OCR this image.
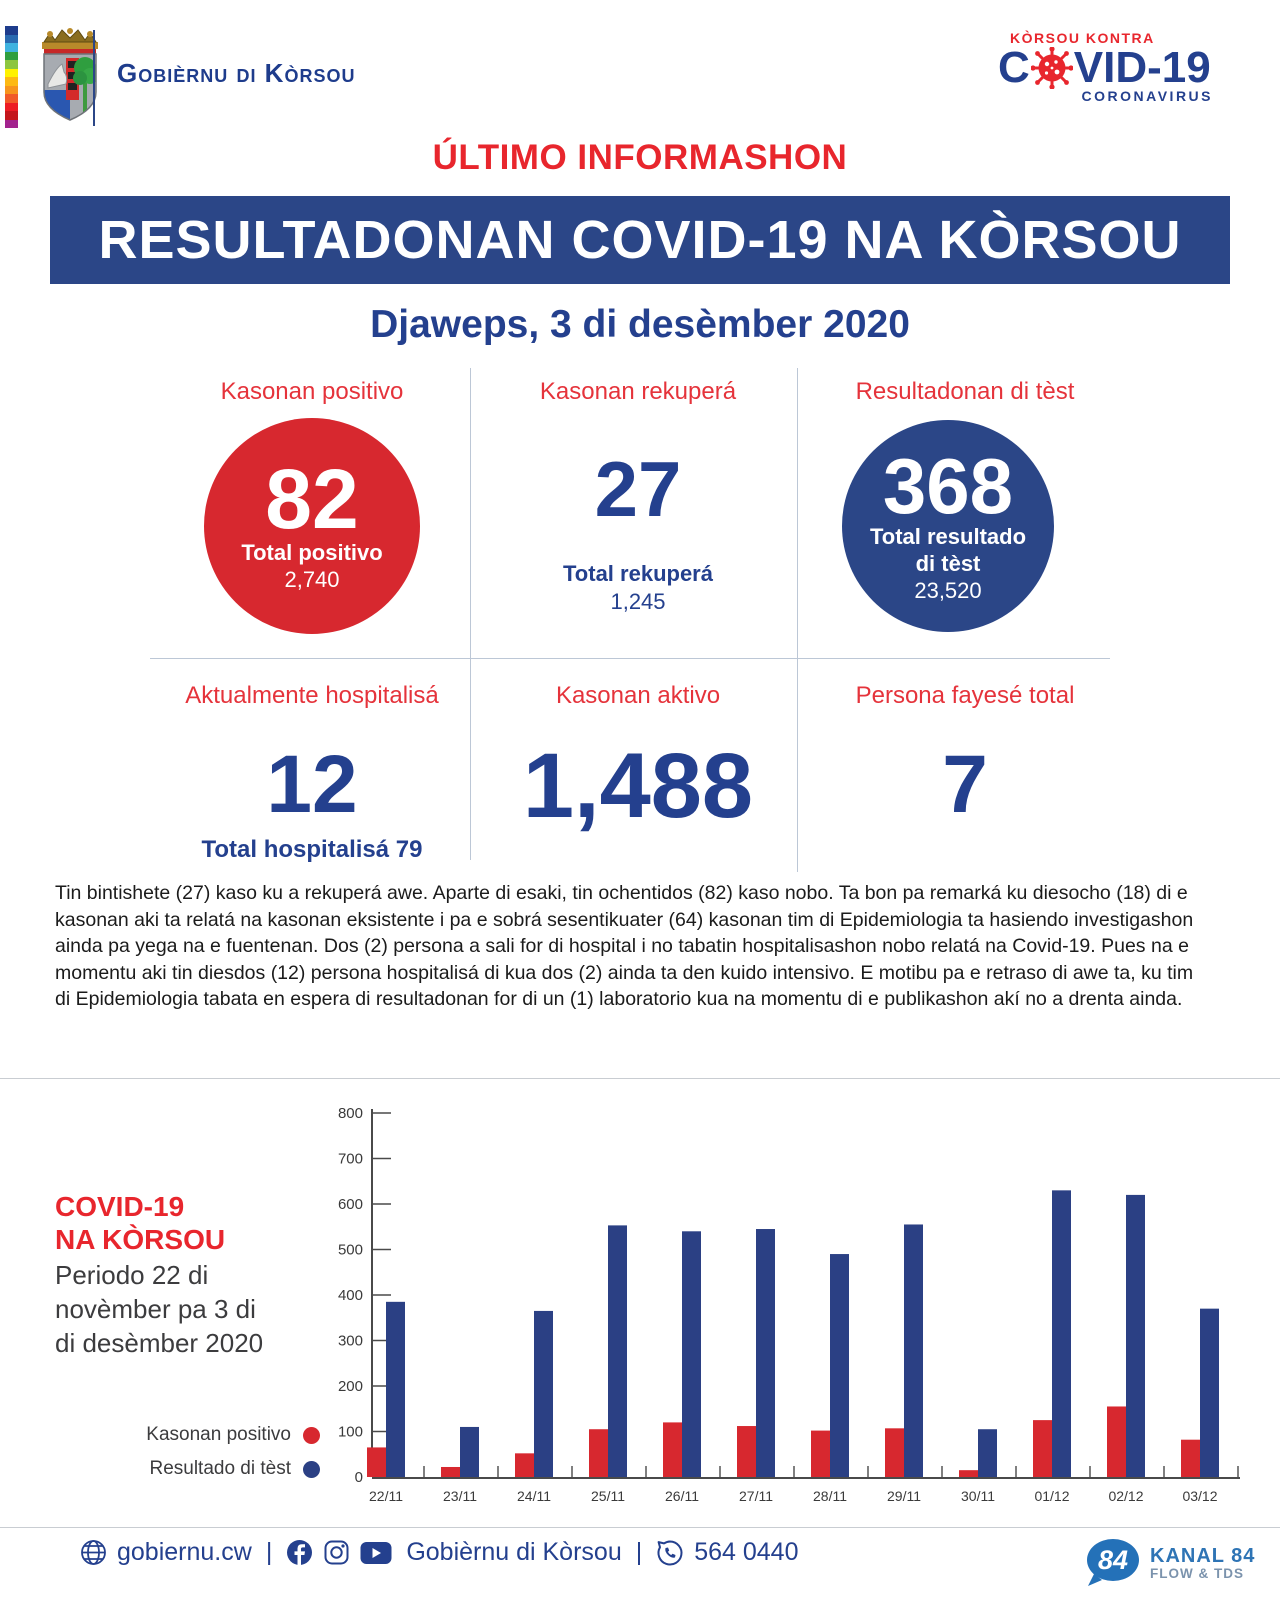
Gobièrnu di Kòrsou
KÒRSOU KONTRA
C VID-19
CORONAVIRUS
ÚLTIMO INFORMASHON
RESULTADONAN COVID-19 NA KÒRSOU
Djaweps, 3 di desèmber 2020
Kasonan positivo	Kasonan rekuperá	Resultadonan di tèst
82
Total positivo
2,740
27
Total rekuperá
1,245
368
Total resultado
di tèst
23,520
Aktualmente hospitalisá	Kasonan aktivo	Persona fayesé total
12
Total hospitalisá 79
1,488	7
Tin bintishete (27) kaso ku a rekuperá awe. Aparte di esaki, tin ochentidos (82) kaso nobo. Ta bon pa remarká ku diesocho (18) di e kasonan aki ta relatá na kasonan eksistente i pa e sobrá sesentikuater (64) kasonan tim di Epidemiologia ta hasiendo investigashon ainda pa yega na e fuentenan. Dos (2) persona a sali for di hospital i no tabatin hospitalisashon nobo relatá na Covid-19. Pues na e momentu aki tin diesdos (12) persona hospitalisá di kua dos (2) ainda ta den kuido intensivo. E motibu pa e retraso di awe ta, ku tim di Epidemiologia tabata en espera di resultadonan for di un (1) laboratorio kua na momentu di e publikashon akí no a drenta ainda.
COVID-19
NA KÒRSOU
Periodo 22 di
novèmber pa 3 di
di desèmber 2020
Kasonan positivo
Resultado di tèst	0
100
200
300
400
500
600
700
800
22/11	23/11	24/11	25/11	26/11	27/11	28/11	29/11	30/11	01/12	02/12	03/12
gobiernu.cw |	Gobièrnu di Kòrsou | 564 0440	84 KANAL 84
FLOW & TDS
